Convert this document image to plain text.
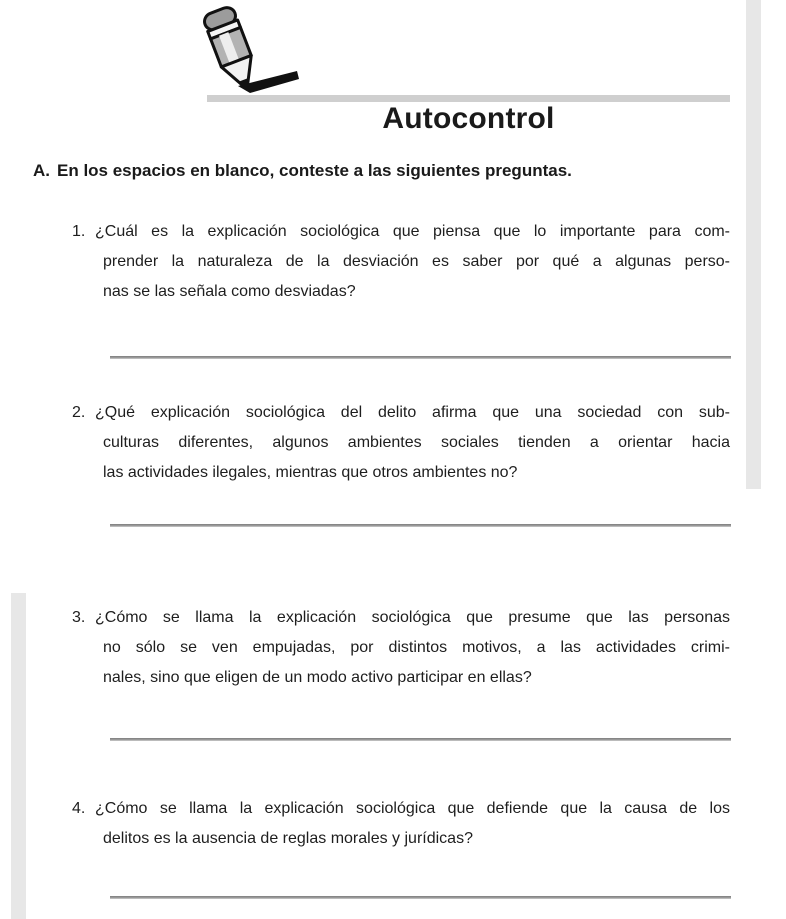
Autocontrol
A. En los espacios en blanco, conteste a las siguientes preguntas.
1. ¿Cuál es la explicación sociológica que piensa que lo importante para com-
prender la naturaleza de la desviación es saber por qué a algunas perso-
nas se las señala como desviadas?
2. ¿Qué explicación sociológica del delito afirma que una sociedad con sub-
culturas diferentes, algunos ambientes sociales tienden a orientar hacia
las actividades ilegales, mientras que otros ambientes no?
3. ¿Cómo se llama la explicación sociológica que presume que las personas
no sólo se ven empujadas, por distintos motivos, a las actividades crimi-
nales, sino que eligen de un modo activo participar en ellas?
4. ¿Cómo se llama la explicación sociológica que defiende que la causa de los
delitos es la ausencia de reglas morales y jurídicas?
